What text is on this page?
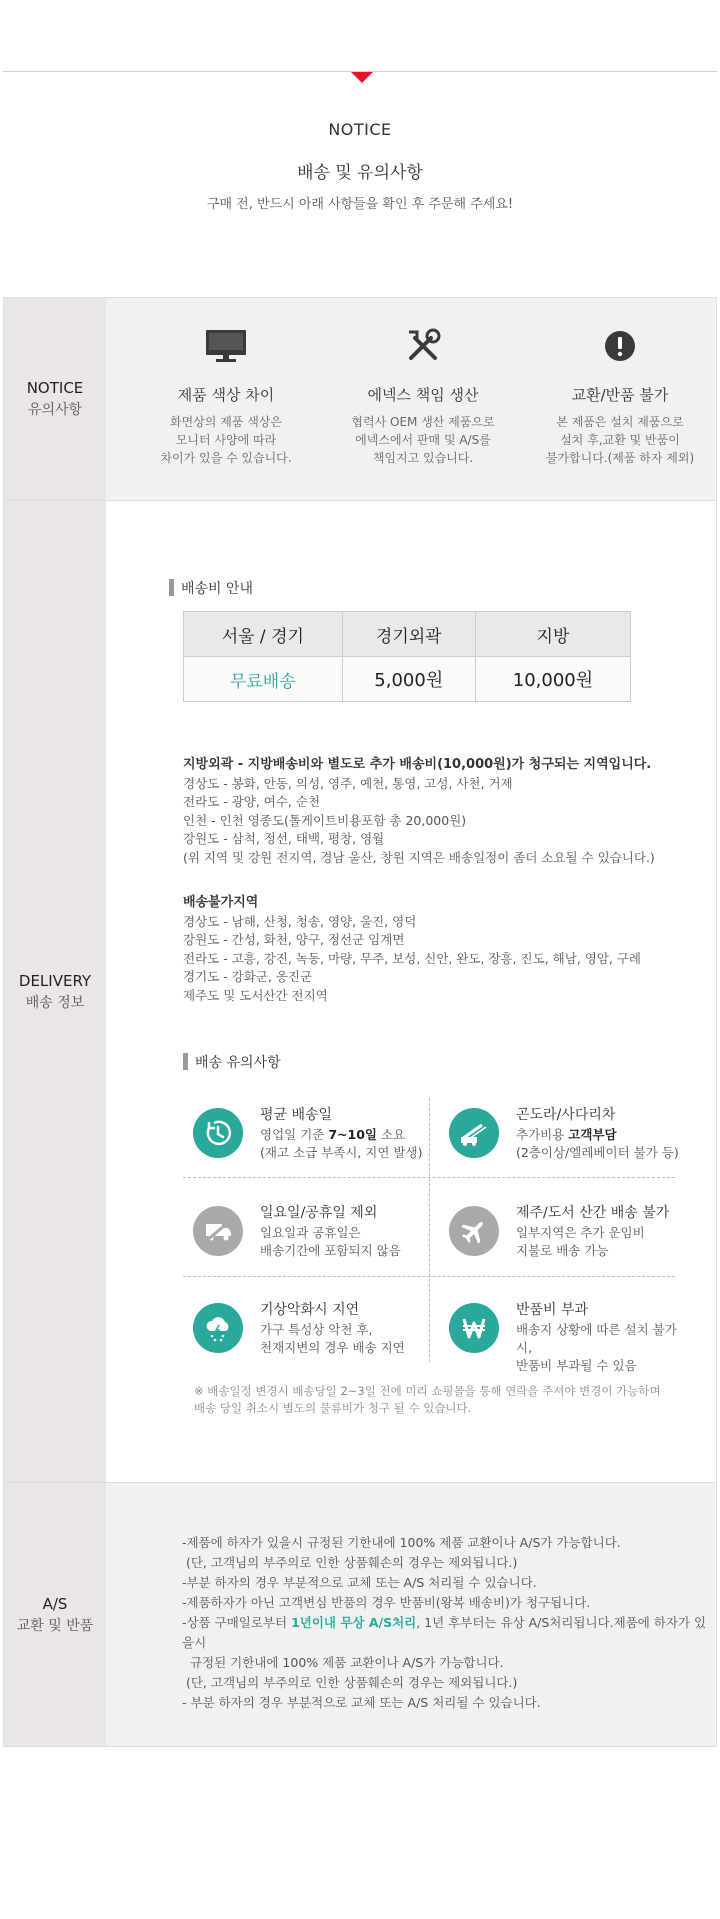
NOTICE
배송 및 유의사항
구매 전, 반드시 아래 사항들을 확인 후 주문해 주세요!
NOTICE
유의사항
제품 색상 차이
화면상의 제품 색상은
모니터 사양에 따라
차이가 있을 수 있습니다.
에넥스 책임 생산
협력사 OEM 생산 제품으로
에넥스에서 판매 및 A/S를
책임지고 있습니다.
교환/반품 불가
본 제품은 설치 제품으로
설치 후,교환 및 반품이
불가합니다.(제품 하자 제외)
DELIVERY
배송 정보
배송비 안내
서울 / 경기	경기외곽	지방
무료배송	5,000원	10,000원
지방외곽 - 지방배송비와 별도로 추가 배송비(10,000원)가 청구되는 지역입니다.
경상도 - 봉화, 안동, 의성, 영주, 예천, 통영, 고성, 사천, 거제
전라도 - 광양, 여수, 순천
인천 - 인천 영종도(톨게이트비용포함 총 20,000원)
강원도 - 삼척, 정선, 태백, 평창, 영월
(위 지역 및 강원 전지역, 경남 울산, 창원 지역은 배송일정이 좀더 소요될 수 있습니다.)
배송불가지역
경상도 - 남해, 산청, 청송, 영양, 울진, 영덕
강원도 - 간성, 화천, 양구, 정선군 임계면
전라도 - 고흥, 강진, 녹동, 마량, 무주, 보성, 신안, 완도, 장흥, 진도, 해남, 영암, 구례
경기도 - 강화군, 옹진군
제주도 및 도서산간 전지역
배송 유의사항
평균 배송일
영업일 기준 7~10일 소요
(재고 소급 부족시, 지연 발생)
곤도라/사다리차
추가비용 고객부담
(2층이상/엘레베이터 불가 등)
일요일/공휴일 제외
일요일과 공휴일은
배송기간에 포함되지 않음
제주/도서 산간 배송 불가
일부지역은 추가 운임비
지불로 배송 가능
기상악화시 지연
가구 특성상 악천 후,
천재지변의 경우 배송 지연
반품비 부과
배송지 상황에 따른 설치 불가시,
반품비 부과될 수 있음
※ 배송일정 변경시 배송당일 2~3일 전에 미리 쇼핑몰을 통해 연락을 주셔야 변경이 가능하며
배송 당일 취소시 별도의 물류비가 청구 될 수 있습니다.
A/S
교환 및 반품
-제품에 하자가 있을시 규정된 기한내에 100% 제품 교환이나 A/S가 가능합니다.
(단, 고객님의 부주의로 인한 상품훼손의 경우는 제외됩니다.)
-부분 하자의 경우 부분적으로 교체 또는 A/S 처리될 수 있습니다.
-제품하자가 아닌 고객변심 반품의 경우 반품비(왕복 배송비)가 청구됩니다.
-상품 구매일로부터 1년이내 무상 A/S처리, 1년 후부터는 유상 A/S처리됩니다.제품에 하자가 있을시
규정된 기한내에 100% 제품 교환이나 A/S가 가능합니다.
(단, 고객님의 부주의로 인한 상품훼손의 경우는 제외됩니다.)
- 부분 하자의 경우 부분적으로 교체 또는 A/S 처리될 수 있습니다.
